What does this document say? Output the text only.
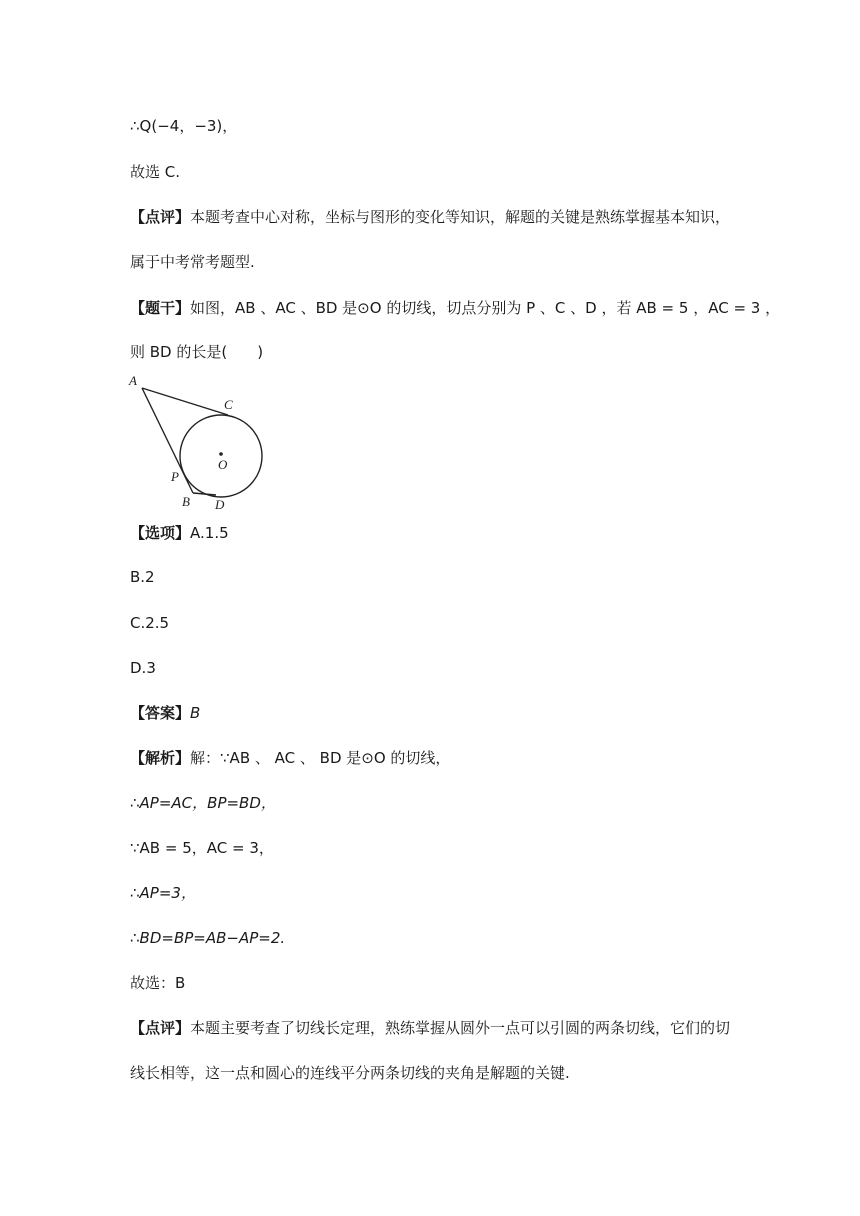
∴Q(−4，−3)，
故选 C.
【点评】本题考查中心对称，坐标与图形的变化等知识，解题的关键是熟练掌握基本知识，
属于中考常考题型.
【题干】如图，AB 、AC 、BD 是⊙O 的切线，切点分别为 P 、C 、D ，若 AB = 5 ，AC = 3 ，
则 BD 的长是(　　)
A
C
O
P
B D
【选项】A.1.5
B.2
C.2.5
D.3
【答案】B
【解析】解：∵AB 、 AC 、 BD 是⊙O 的切线，
∴AP=AC，BP=BD，
∵AB = 5，AC = 3，
∴AP=3，
∴BD=BP=AB−AP=2.
故选：B
【点评】本题主要考查了切线长定理，熟练掌握从圆外一点可以引圆的两条切线，它们的切
线长相等，这一点和圆心的连线平分两条切线的夹角是解题的关键.
